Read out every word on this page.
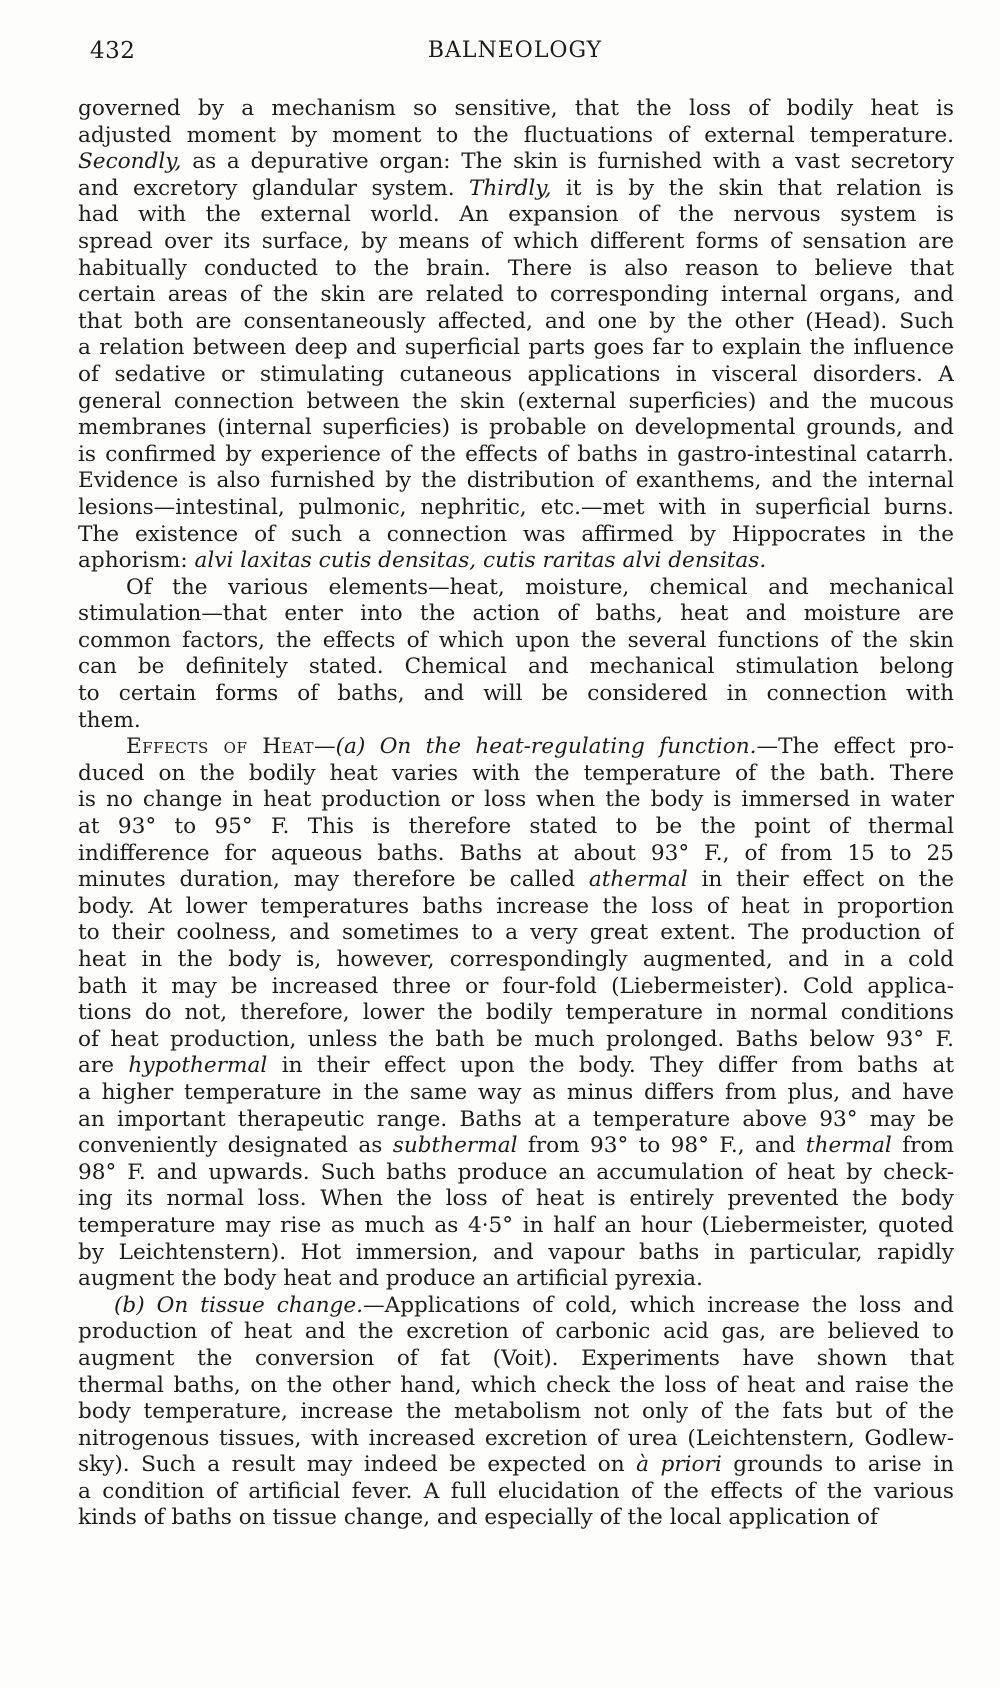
432	BALNEOLOGY
governed by a mechanism so sensitive, that the loss of bodily heat is
adjusted moment by moment to the fluctuations of external temperature.
Secondly, as a depurative organ: The skin is furnished with a vast secretory
and excretory glandular system. Thirdly, it is by the skin that relation is
had with the external world. An expansion of the nervous system is
spread over its surface, by means of which different forms of sensation are
habitually conducted to the brain. There is also reason to believe that
certain areas of the skin are related to corresponding internal organs, and
that both are consentaneously affected, and one by the other (Head). Such
a relation between deep and superficial parts goes far to explain the influence
of sedative or stimulating cutaneous applications in visceral disorders. A
general connection between the skin (external superficies) and the mucous
membranes (internal superficies) is probable on developmental grounds, and
is confirmed by experience of the effects of baths in gastro-intestinal catarrh.
Evidence is also furnished by the distribution of exanthems, and the internal
lesions—intestinal, pulmonic, nephritic, etc.—met with in superficial burns.
The existence of such a connection was affirmed by Hippocrates in the
aphorism: alvi laxitas cutis densitas, cutis raritas alvi densitas.
Of the various elements—heat, moisture, chemical and mechanical
stimulation—that enter into the action of baths, heat and moisture are
common factors, the effects of which upon the several functions of the skin
can be definitely stated. Chemical and mechanical stimulation belong
to certain forms of baths, and will be considered in connection with
them.
Effects of Heat—(a) On the heat-regulating function.—The effect pro-
duced on the bodily heat varies with the temperature of the bath. There
is no change in heat production or loss when the body is immersed in water
at 93° to 95° F. This is therefore stated to be the point of thermal
indifference for aqueous baths. Baths at about 93° F., of from 15 to 25
minutes duration, may therefore be called athermal in their effect on the
body. At lower temperatures baths increase the loss of heat in proportion
to their coolness, and sometimes to a very great extent. The production of
heat in the body is, however, correspondingly augmented, and in a cold
bath it may be increased three or four-fold (Liebermeister). Cold applica-
tions do not, therefore, lower the bodily temperature in normal conditions
of heat production, unless the bath be much prolonged. Baths below 93° F.
are hypothermal in their effect upon the body. They differ from baths at
a higher temperature in the same way as minus differs from plus, and have
an important therapeutic range. Baths at a temperature above 93° may be
conveniently designated as subthermal from 93° to 98° F., and thermal from
98° F. and upwards. Such baths produce an accumulation of heat by check-
ing its normal loss. When the loss of heat is entirely prevented the body
temperature may rise as much as 4·5° in half an hour (Liebermeister, quoted
by Leichtenstern). Hot immersion, and vapour baths in particular, rapidly
augment the body heat and produce an artificial pyrexia.
(b) On tissue change.—Applications of cold, which increase the loss and
production of heat and the excretion of carbonic acid gas, are believed to
augment the conversion of fat (Voit). Experiments have shown that
thermal baths, on the other hand, which check the loss of heat and raise the
body temperature, increase the metabolism not only of the fats but of the
nitrogenous tissues, with increased excretion of urea (Leichtenstern, Godlew-
sky). Such a result may indeed be expected on à priori grounds to arise in
a condition of artificial fever. A full elucidation of the effects of the various
kinds of baths on tissue change, and especially of the local application of
